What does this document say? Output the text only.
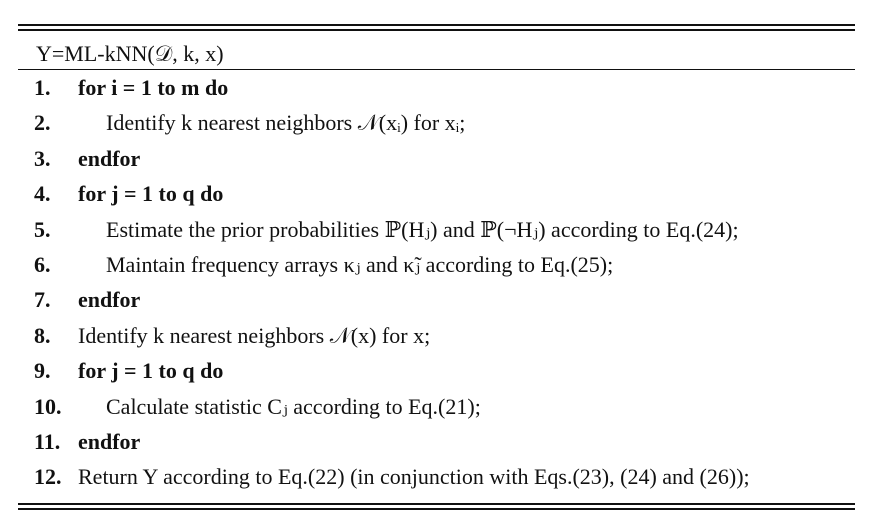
Y=ML-kNN(𝒟, k, x)
1. for i = 1 to m do
2.	Identify k nearest neighbors 𝒩(xᵢ) for xᵢ;
3. endfor
4. for j = 1 to q do
5.	Estimate the prior probabilities ℙ(Hⱼ) and ℙ(¬Hⱼ) according to Eq.(24);
6.	Maintain frequency arrays κⱼ and κ̃ⱼ according to Eq.(25);
7. endfor
8. Identify k nearest neighbors 𝒩(x) for x;
9. for j = 1 to q do
10. Calculate statistic Cⱼ according to Eq.(21);
11. endfor
12. Return Y according to Eq.(22) (in conjunction with Eqs.(23), (24) and (26));
